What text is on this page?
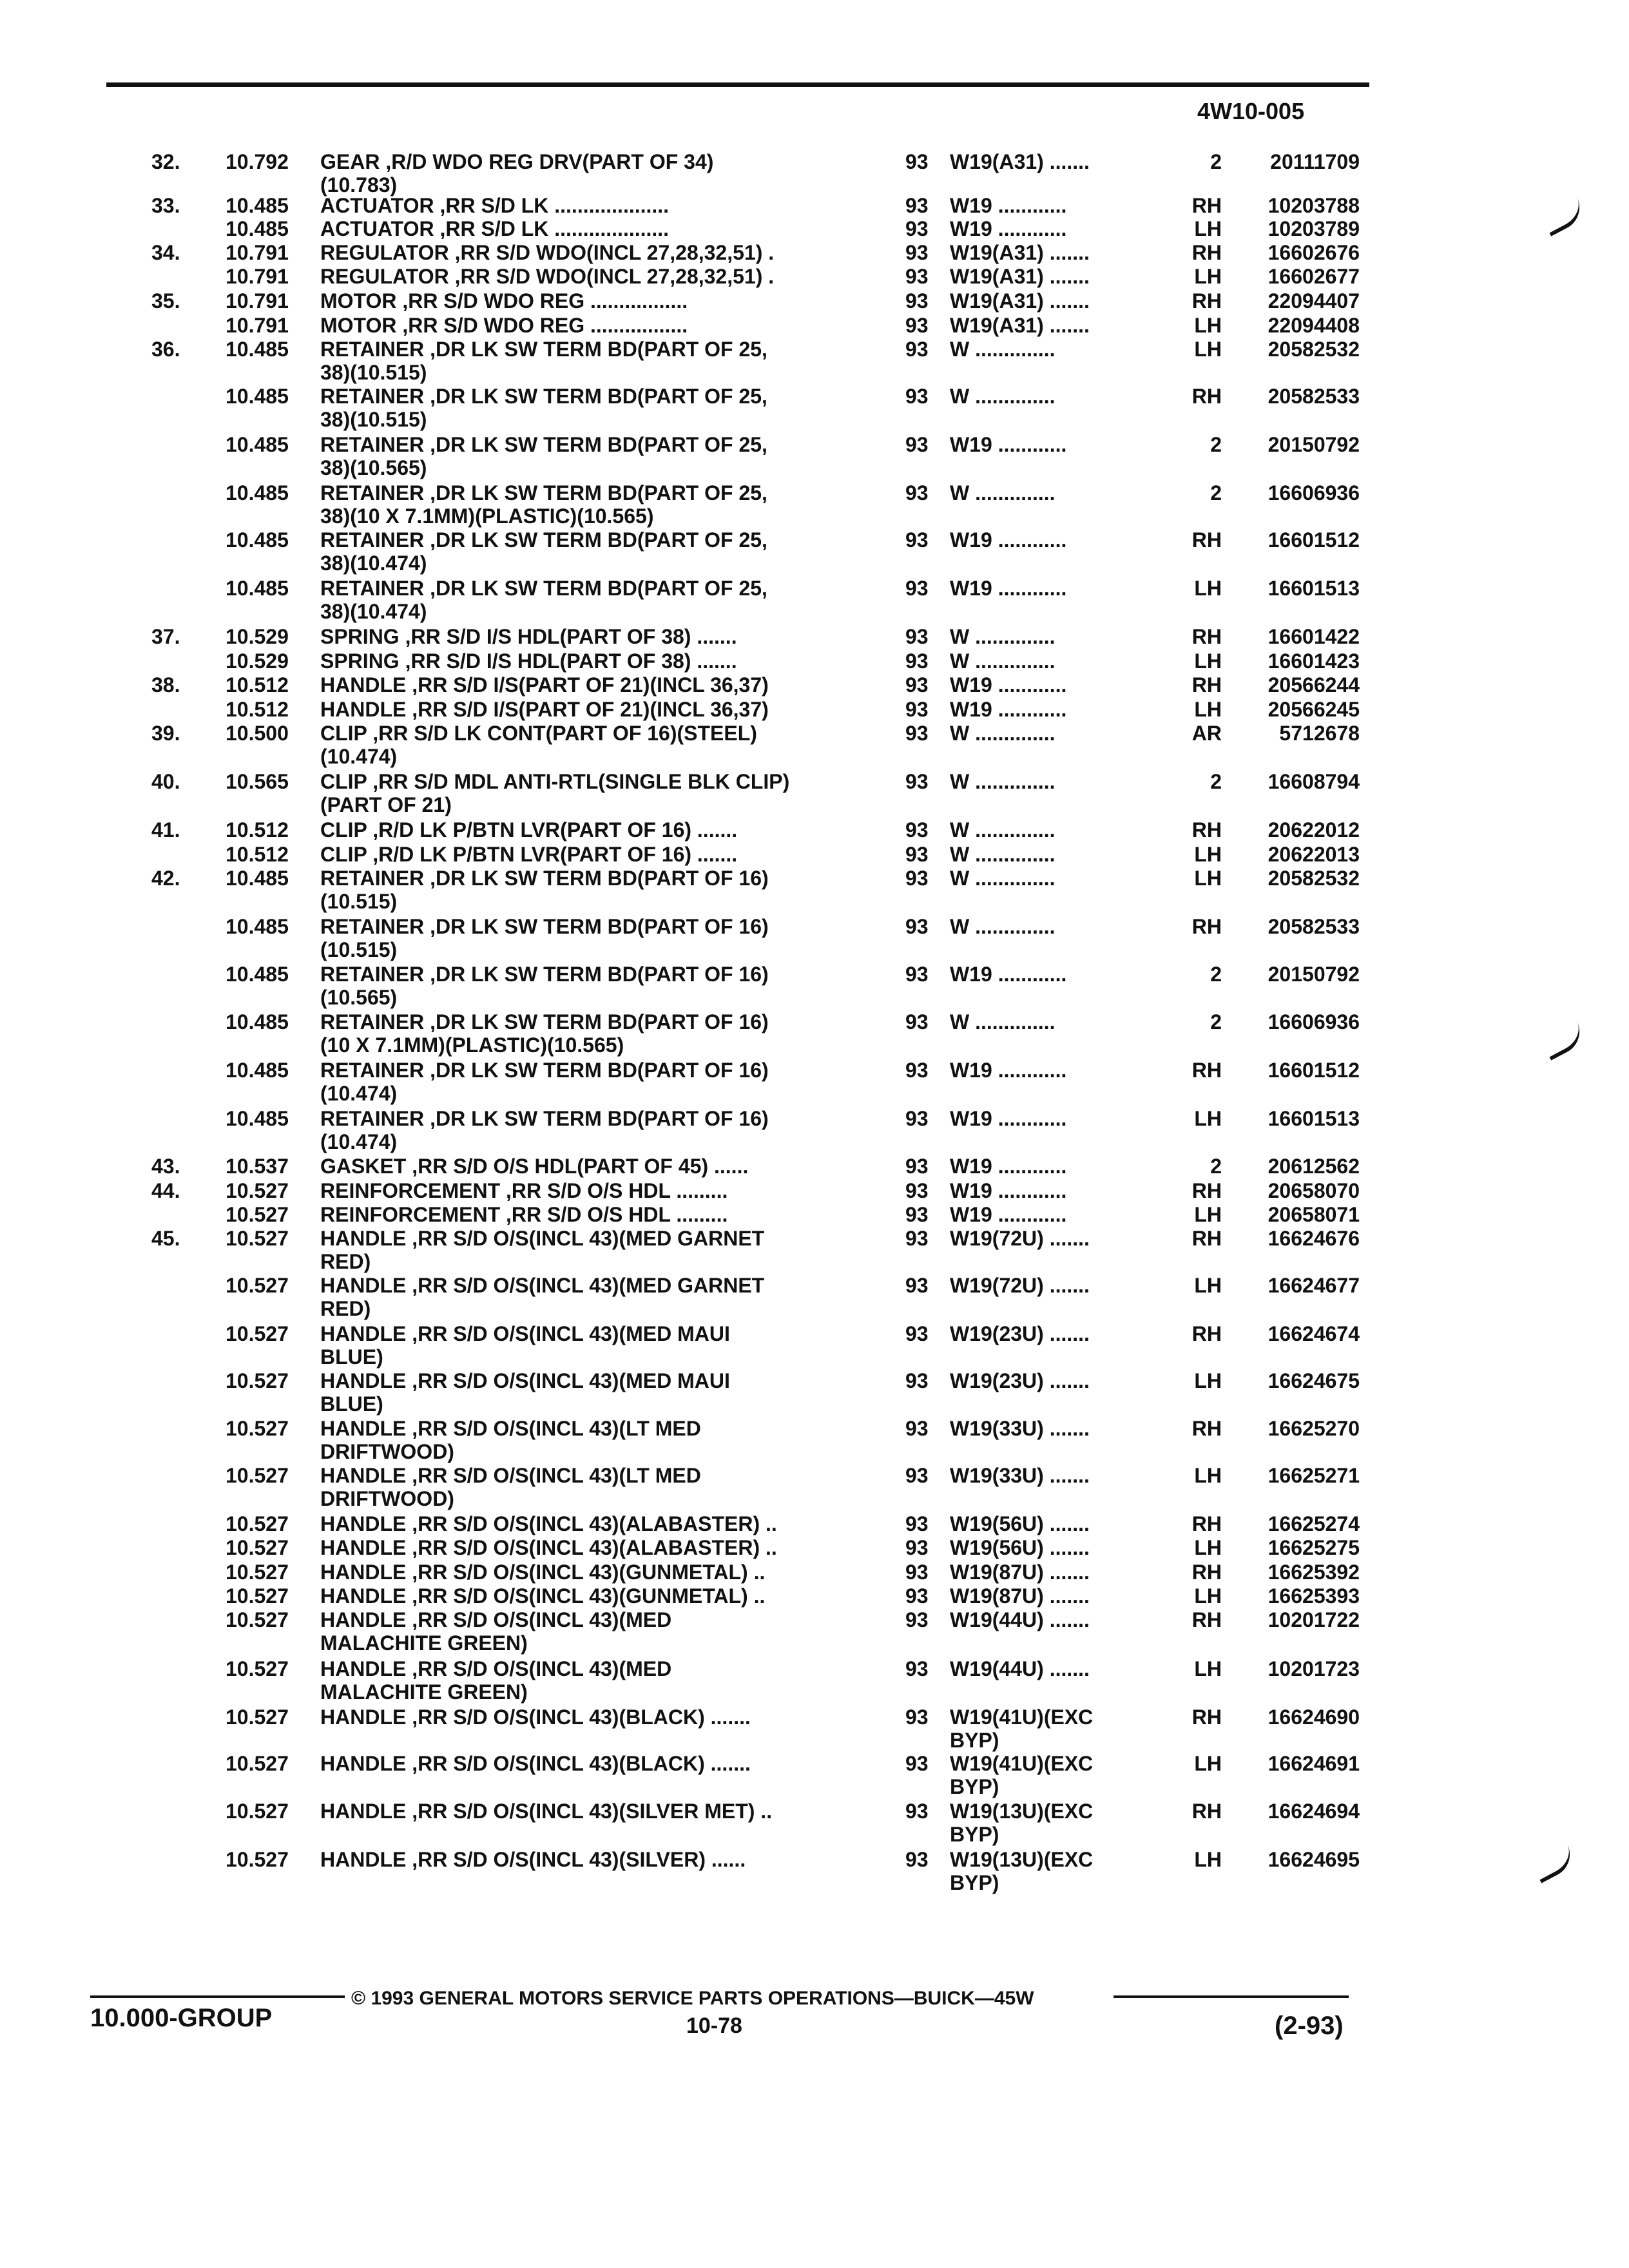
4W10-005
32. 10.792 GEAR ,R/D WDO REG DRV(PART OF 34)
(10.783)
93 W19(A31) .......	2	20111709
33. 10.485 ACTUATOR ,RR S/D LK ....................	93 W19 ............	RH	10203788
10.485 ACTUATOR ,RR S/D LK ....................	93 W19 ............	LH	10203789
34. 10.791 REGULATOR ,RR S/D WDO(INCL 27,28,32,51) .	93 W19(A31) .......	RH	16602676
10.791 REGULATOR ,RR S/D WDO(INCL 27,28,32,51) .	93 W19(A31) .......	LH	16602677
35. 10.791 MOTOR ,RR S/D WDO REG .................	93 W19(A31) .......	RH	22094407
10.791 MOTOR ,RR S/D WDO REG .................	93 W19(A31) .......	LH	22094408
36. 10.485 RETAINER ,DR LK SW TERM BD(PART OF 25,
38)(10.515)
93 W ..............	LH	20582532
10.485 RETAINER ,DR LK SW TERM BD(PART OF 25,
38)(10.515)
93 W ..............	RH	20582533
10.485 RETAINER ,DR LK SW TERM BD(PART OF 25,
38)(10.565)
93 W19 ............	2	20150792
10.485 RETAINER ,DR LK SW TERM BD(PART OF 25,
38)(10 X 7.1MM)(PLASTIC)(10.565)
93 W ..............	2	16606936
10.485 RETAINER ,DR LK SW TERM BD(PART OF 25,
38)(10.474)
93 W19 ............	RH	16601512
10.485 RETAINER ,DR LK SW TERM BD(PART OF 25,
38)(10.474)
93 W19 ............	LH	16601513
37. 10.529 SPRING ,RR S/D I/S HDL(PART OF 38) .......	93 W ..............	RH	16601422
10.529 SPRING ,RR S/D I/S HDL(PART OF 38) .......	93 W ..............	LH	16601423
38. 10.512 HANDLE ,RR S/D I/S(PART OF 21)(INCL 36,37)	93 W19 ............	RH	20566244
10.512 HANDLE ,RR S/D I/S(PART OF 21)(INCL 36,37)	93 W19 ............	LH	20566245
39. 10.500 CLIP ,RR S/D LK CONT(PART OF 16)(STEEL)
(10.474)
93 W ..............	AR	5712678
40. 10.565 CLIP ,RR S/D MDL ANTI-RTL(SINGLE BLK CLIP)
(PART OF 21)
93 W ..............	2	16608794
41. 10.512 CLIP ,R/D LK P/BTN LVR(PART OF 16) .......	93 W ..............	RH	20622012
10.512 CLIP ,R/D LK P/BTN LVR(PART OF 16) .......	93 W ..............	LH	20622013
42. 10.485 RETAINER ,DR LK SW TERM BD(PART OF 16)
(10.515)
93 W ..............	LH	20582532
10.485 RETAINER ,DR LK SW TERM BD(PART OF 16)
(10.515)
93 W ..............	RH	20582533
10.485 RETAINER ,DR LK SW TERM BD(PART OF 16)
(10.565)
93 W19 ............	2	20150792
10.485 RETAINER ,DR LK SW TERM BD(PART OF 16)
(10 X 7.1MM)(PLASTIC)(10.565)
93 W ..............	2	16606936
10.485 RETAINER ,DR LK SW TERM BD(PART OF 16)
(10.474)
93 W19 ............	RH	16601512
10.485 RETAINER ,DR LK SW TERM BD(PART OF 16)
(10.474)
93 W19 ............	LH	16601513
43. 10.537 GASKET ,RR S/D O/S HDL(PART OF 45) ......	93 W19 ............	2	20612562
44. 10.527 REINFORCEMENT ,RR S/D O/S HDL .........	93 W19 ............	RH	20658070
10.527 REINFORCEMENT ,RR S/D O/S HDL .........	93 W19 ............	LH	20658071
45. 10.527 HANDLE ,RR S/D O/S(INCL 43)(MED GARNET
RED)
93 W19(72U) .......	RH	16624676
10.527 HANDLE ,RR S/D O/S(INCL 43)(MED GARNET
RED)
93 W19(72U) .......	LH	16624677
10.527 HANDLE ,RR S/D O/S(INCL 43)(MED MAUI
BLUE)
93 W19(23U) .......	RH	16624674
10.527 HANDLE ,RR S/D O/S(INCL 43)(MED MAUI
BLUE)
93 W19(23U) .......	LH	16624675
10.527 HANDLE ,RR S/D O/S(INCL 43)(LT MED
DRIFTWOOD)
93 W19(33U) .......	RH	16625270
10.527 HANDLE ,RR S/D O/S(INCL 43)(LT MED
DRIFTWOOD)
93 W19(33U) .......	LH	16625271
10.527 HANDLE ,RR S/D O/S(INCL 43)(ALABASTER) ..	93 W19(56U) .......	RH	16625274
10.527 HANDLE ,RR S/D O/S(INCL 43)(ALABASTER) ..	93 W19(56U) .......	LH	16625275
10.527 HANDLE ,RR S/D O/S(INCL 43)(GUNMETAL) ..	93 W19(87U) .......	RH	16625392
10.527 HANDLE ,RR S/D O/S(INCL 43)(GUNMETAL) ..	93 W19(87U) .......	LH	16625393
10.527 HANDLE ,RR S/D O/S(INCL 43)(MED
MALACHITE GREEN)
93 W19(44U) .......	RH	10201722
10.527 HANDLE ,RR S/D O/S(INCL 43)(MED
MALACHITE GREEN)
93 W19(44U) .......	LH	10201723
10.527 HANDLE ,RR S/D O/S(INCL 43)(BLACK) .......	93 W19(41U)(EXC
BYP)
RH	16624690
10.527 HANDLE ,RR S/D O/S(INCL 43)(BLACK) .......	93 W19(41U)(EXC
BYP)
LH	16624691
10.527 HANDLE ,RR S/D O/S(INCL 43)(SILVER MET) ..	93 W19(13U)(EXC
BYP)
RH	16624694
10.527 HANDLE ,RR S/D O/S(INCL 43)(SILVER) ......	93 W19(13U)(EXC
BYP)
LH	16624695
10.000-GROUP
© 1993 GENERAL MOTORS SERVICE PARTS OPERATIONS—BUICK—45W
10-78	(2-93)
